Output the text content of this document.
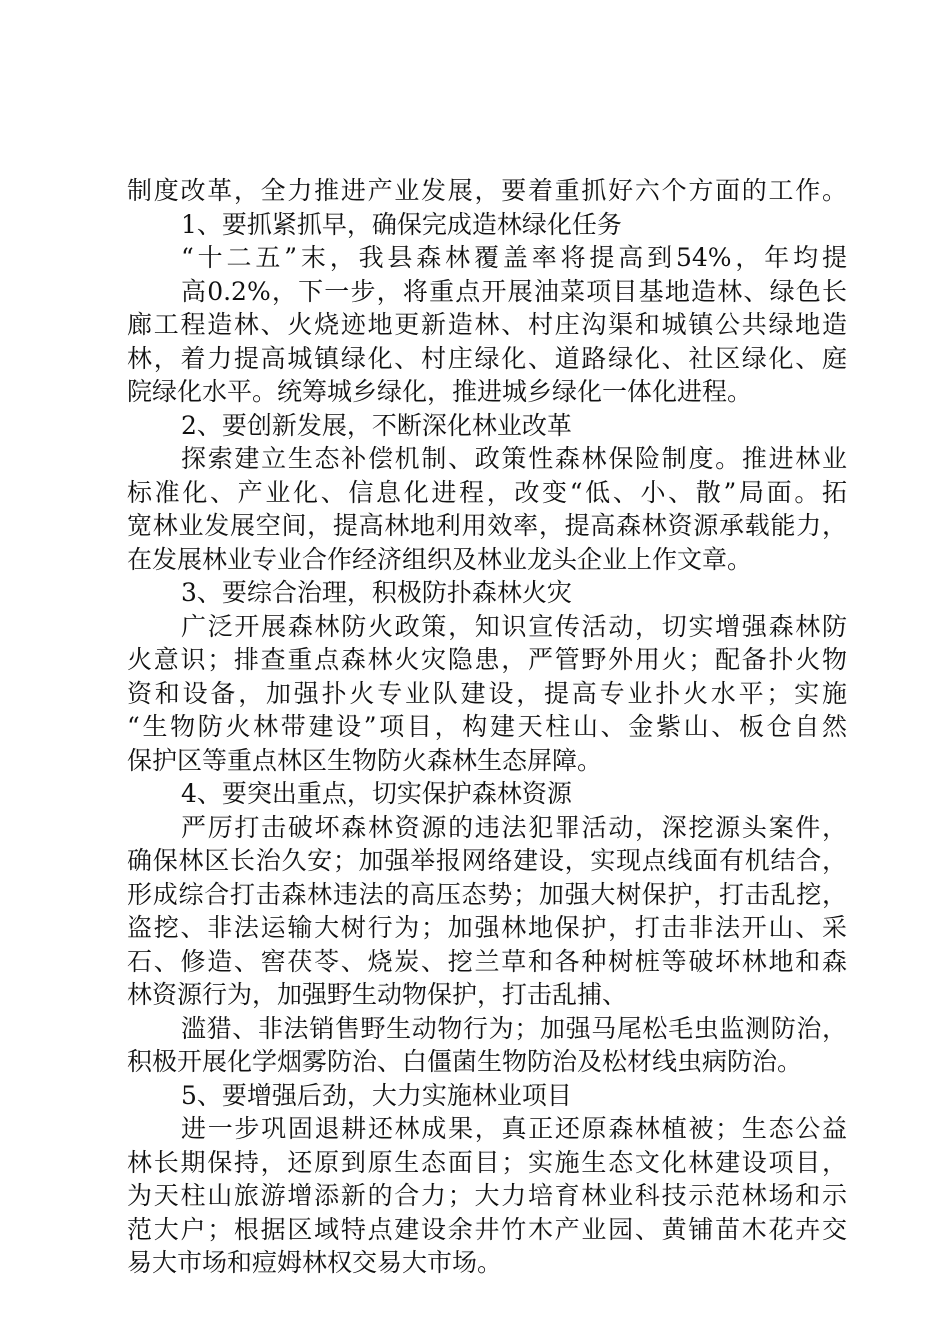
制度改革，全力推进产业发展，要着重抓好六个方面的工作。
1、要抓紧抓早，确保完成造林绿化任务
“十二五”末，我县森林覆盖率将提高到54%，年均提
高0.2%，下一步，将重点开展油菜项目基地造林、绿色长
廊工程造林、火烧迹地更新造林、村庄沟渠和城镇公共绿地造
林，着力提高城镇绿化、村庄绿化、道路绿化、社区绿化、庭
院绿化水平。统筹城乡绿化，推进城乡绿化一体化进程。
2、要创新发展，不断深化林业改革
探索建立生态补偿机制、政策性森林保险制度。推进林业
标准化、产业化、信息化进程，改变“低、小、散”局面。拓
宽林业发展空间，提高林地利用效率，提高森林资源承载能力，
在发展林业专业合作经济组织及林业龙头企业上作文章。
3、要综合治理，积极防扑森林火灾
广泛开展森林防火政策，知识宣传活动，切实增强森林防
火意识；排查重点森林火灾隐患，严管野外用火；配备扑火物
资和设备，加强扑火专业队建设，提高专业扑火水平；实施
“生物防火林带建设”项目，构建天柱山、金紫山、板仓自然
保护区等重点林区生物防火森林生态屏障。
4、要突出重点，切实保护森林资源
严厉打击破坏森林资源的违法犯罪活动，深挖源头案件，
确保林区长治久安；加强举报网络建设，实现点线面有机结合，
形成综合打击森林违法的高压态势；加强大树保护，打击乱挖，
盗挖、非法运输大树行为；加强林地保护，打击非法开山、采
石、修造、窖茯苓、烧炭、挖兰草和各种树桩等破坏林地和森
林资源行为，加强野生动物保护，打击乱捕、
滥猎、非法销售野生动物行为；加强马尾松毛虫监测防治，
积极开展化学烟雾防治、白僵菌生物防治及松材线虫病防治。
5、要增强后劲，大力实施林业项目
进一步巩固退耕还林成果，真正还原森林植被；生态公益
林长期保持，还原到原生态面目；实施生态文化林建设项目，
为天柱山旅游增添新的合力；大力培育林业科技示范林场和示
范大户；根据区域特点建设余井竹木产业园、黄铺苗木花卉交
易大市场和痘姆林权交易大市场。
